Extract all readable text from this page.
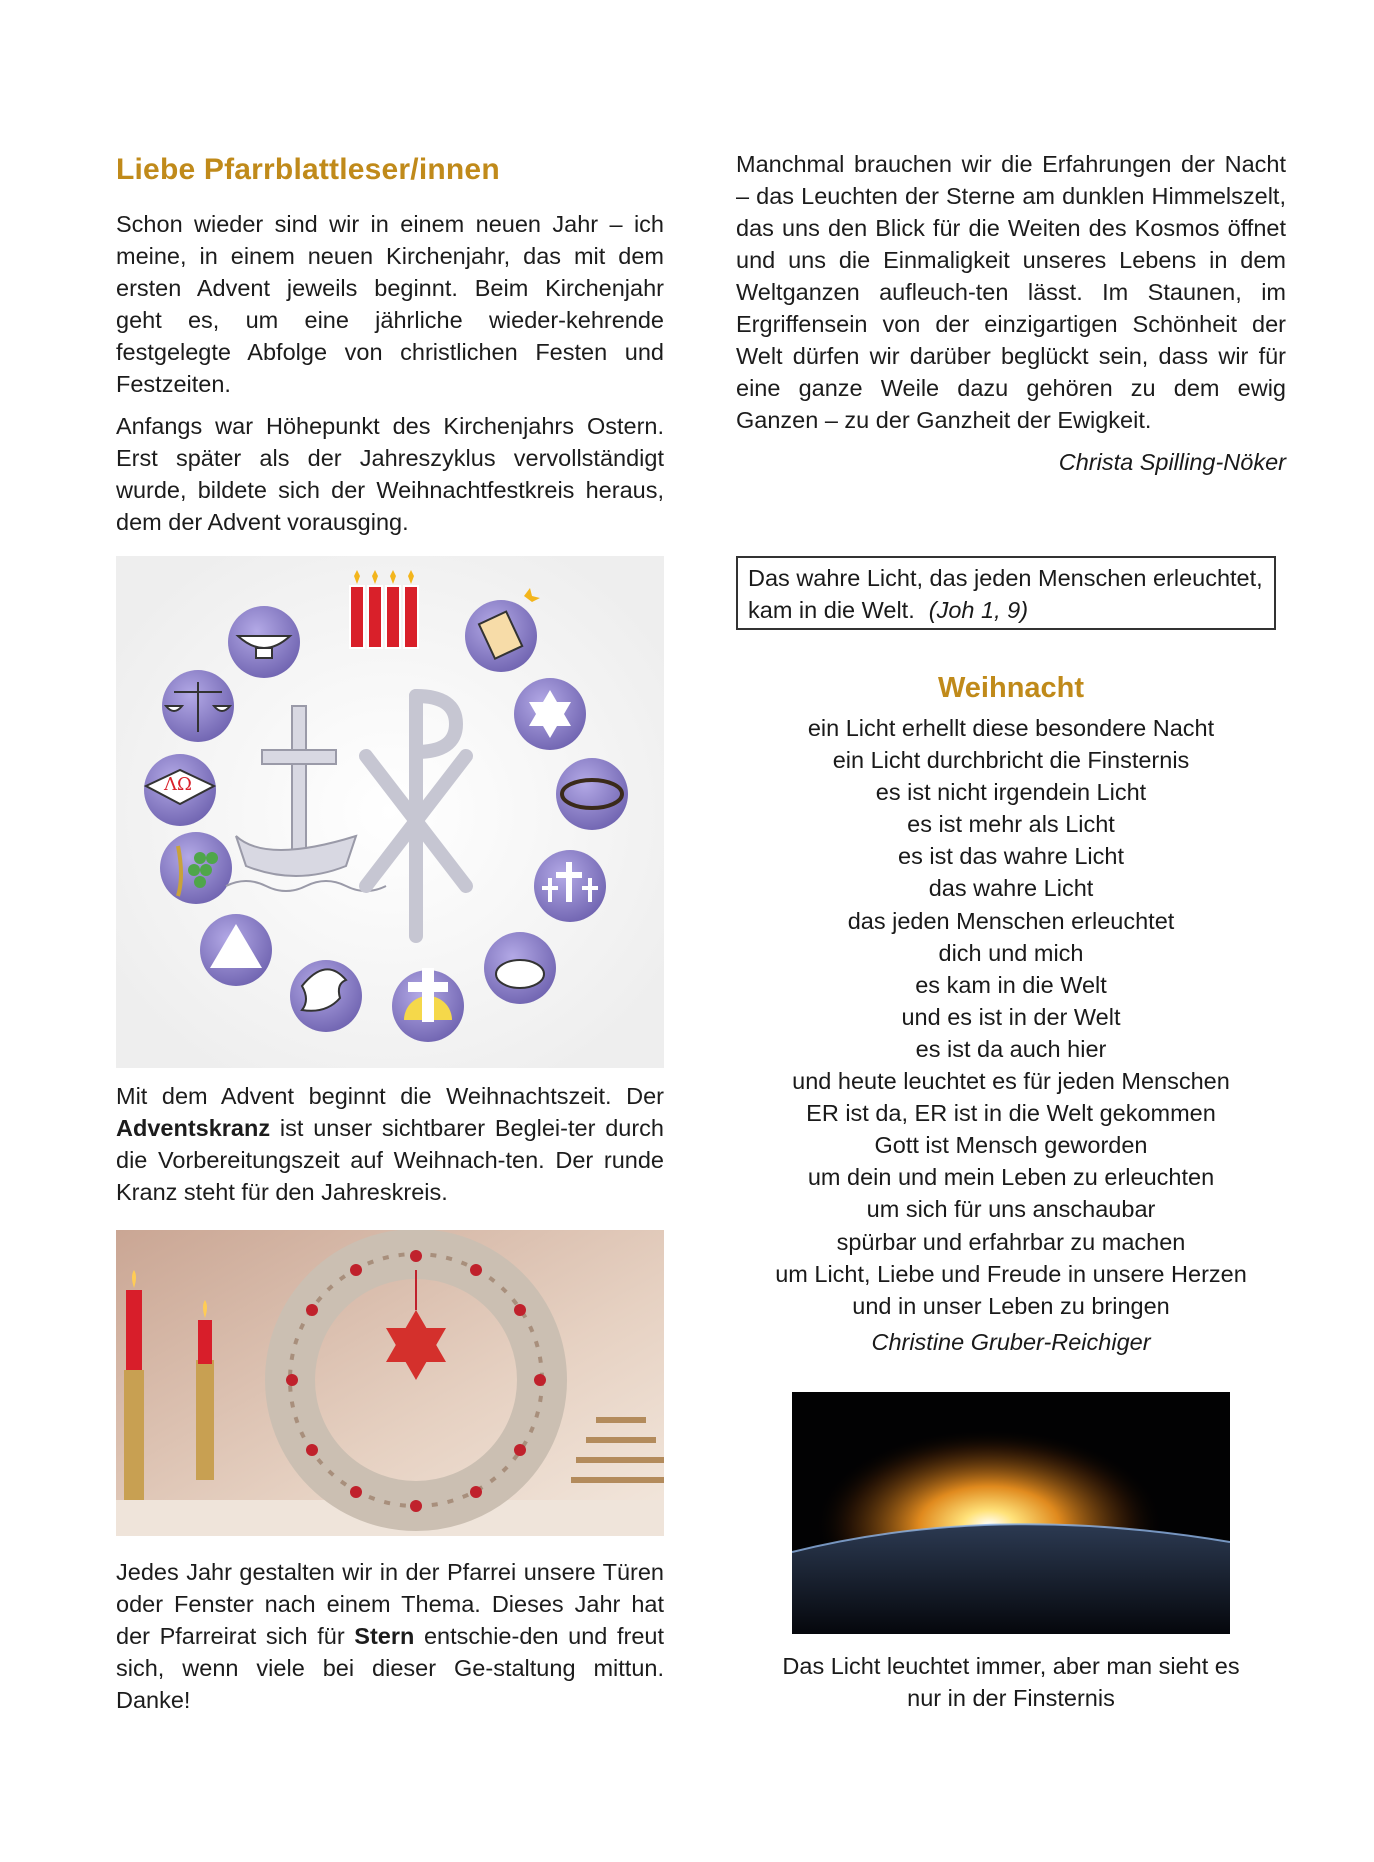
Liebe Pfarrblattleser/innen

Schon wieder sind wir in einem neuen Jahr – ich meine, in einem neuen Kirchenjahr, das mit dem ersten Advent jeweils beginnt. Beim Kirchenjahr geht es, um eine jährliche wieder-kehrende festgelegte Abfolge von christlichen Festen und Festzeiten.

Anfangs war Höhepunkt des Kirchenjahrs Ostern. Erst später als der Jahreszyklus vervollständigt wurde, bildete sich der Weihnachtfestkreis heraus, dem der Advent vorausging.

ΛΩ

Mit dem Advent beginnt die Weihnachtszeit. Der Adventskranz ist unser sichtbarer Beglei-ter durch die Vorbereitungszeit auf Weihnach-ten. Der runde Kranz steht für den Jahreskreis.

Jedes Jahr gestalten wir in der Pfarrei unsere Türen oder Fenster nach einem Thema. Dieses Jahr hat der Pfarreirat sich für Stern entschie-den und freut sich, wenn viele bei dieser Ge-staltung mittun. Danke!

Manchmal brauchen wir die Erfahrungen der Nacht – das Leuchten der Sterne am dunklen Himmelszelt, das uns den Blick für die Weiten des Kosmos öffnet und uns die Einmaligkeit unseres Lebens in dem Weltganzen aufleuch-ten lässt. Im Staunen, im Ergriffensein von der einzigartigen Schönheit der Welt dürfen wir darüber beglückt sein, dass wir für eine ganze Weile dazu gehören zu dem ewig Ganzen – zu der Ganzheit der Ewigkeit.

Christa Spilling-Nöker

Das wahre Licht, das jeden Menschen erleuchtet, kam in die Welt. (Joh 1, 9)
Weihnacht
ein Licht erhellt diese besondere Nacht
ein Licht durchbricht die Finsternis
es ist nicht irgendein Licht
es ist mehr als Licht
es ist das wahre Licht
das wahre Licht
das jeden Menschen erleuchtet
dich und mich
es kam in die Welt
und es ist in der Welt
es ist da auch hier
und heute leuchtet es für jeden Menschen
ER ist da, ER ist in die Welt gekommen
Gott ist Mensch geworden
um dein und mein Leben zu erleuchten
um sich für uns anschaubar
spürbar und erfahrbar zu machen
um Licht, Liebe und Freude in unsere Herzen
und in unser Leben zu bringen
Christine Gruber-Reichiger
Das Licht leuchtet immer, aber man sieht es
nur in der Finsternis
